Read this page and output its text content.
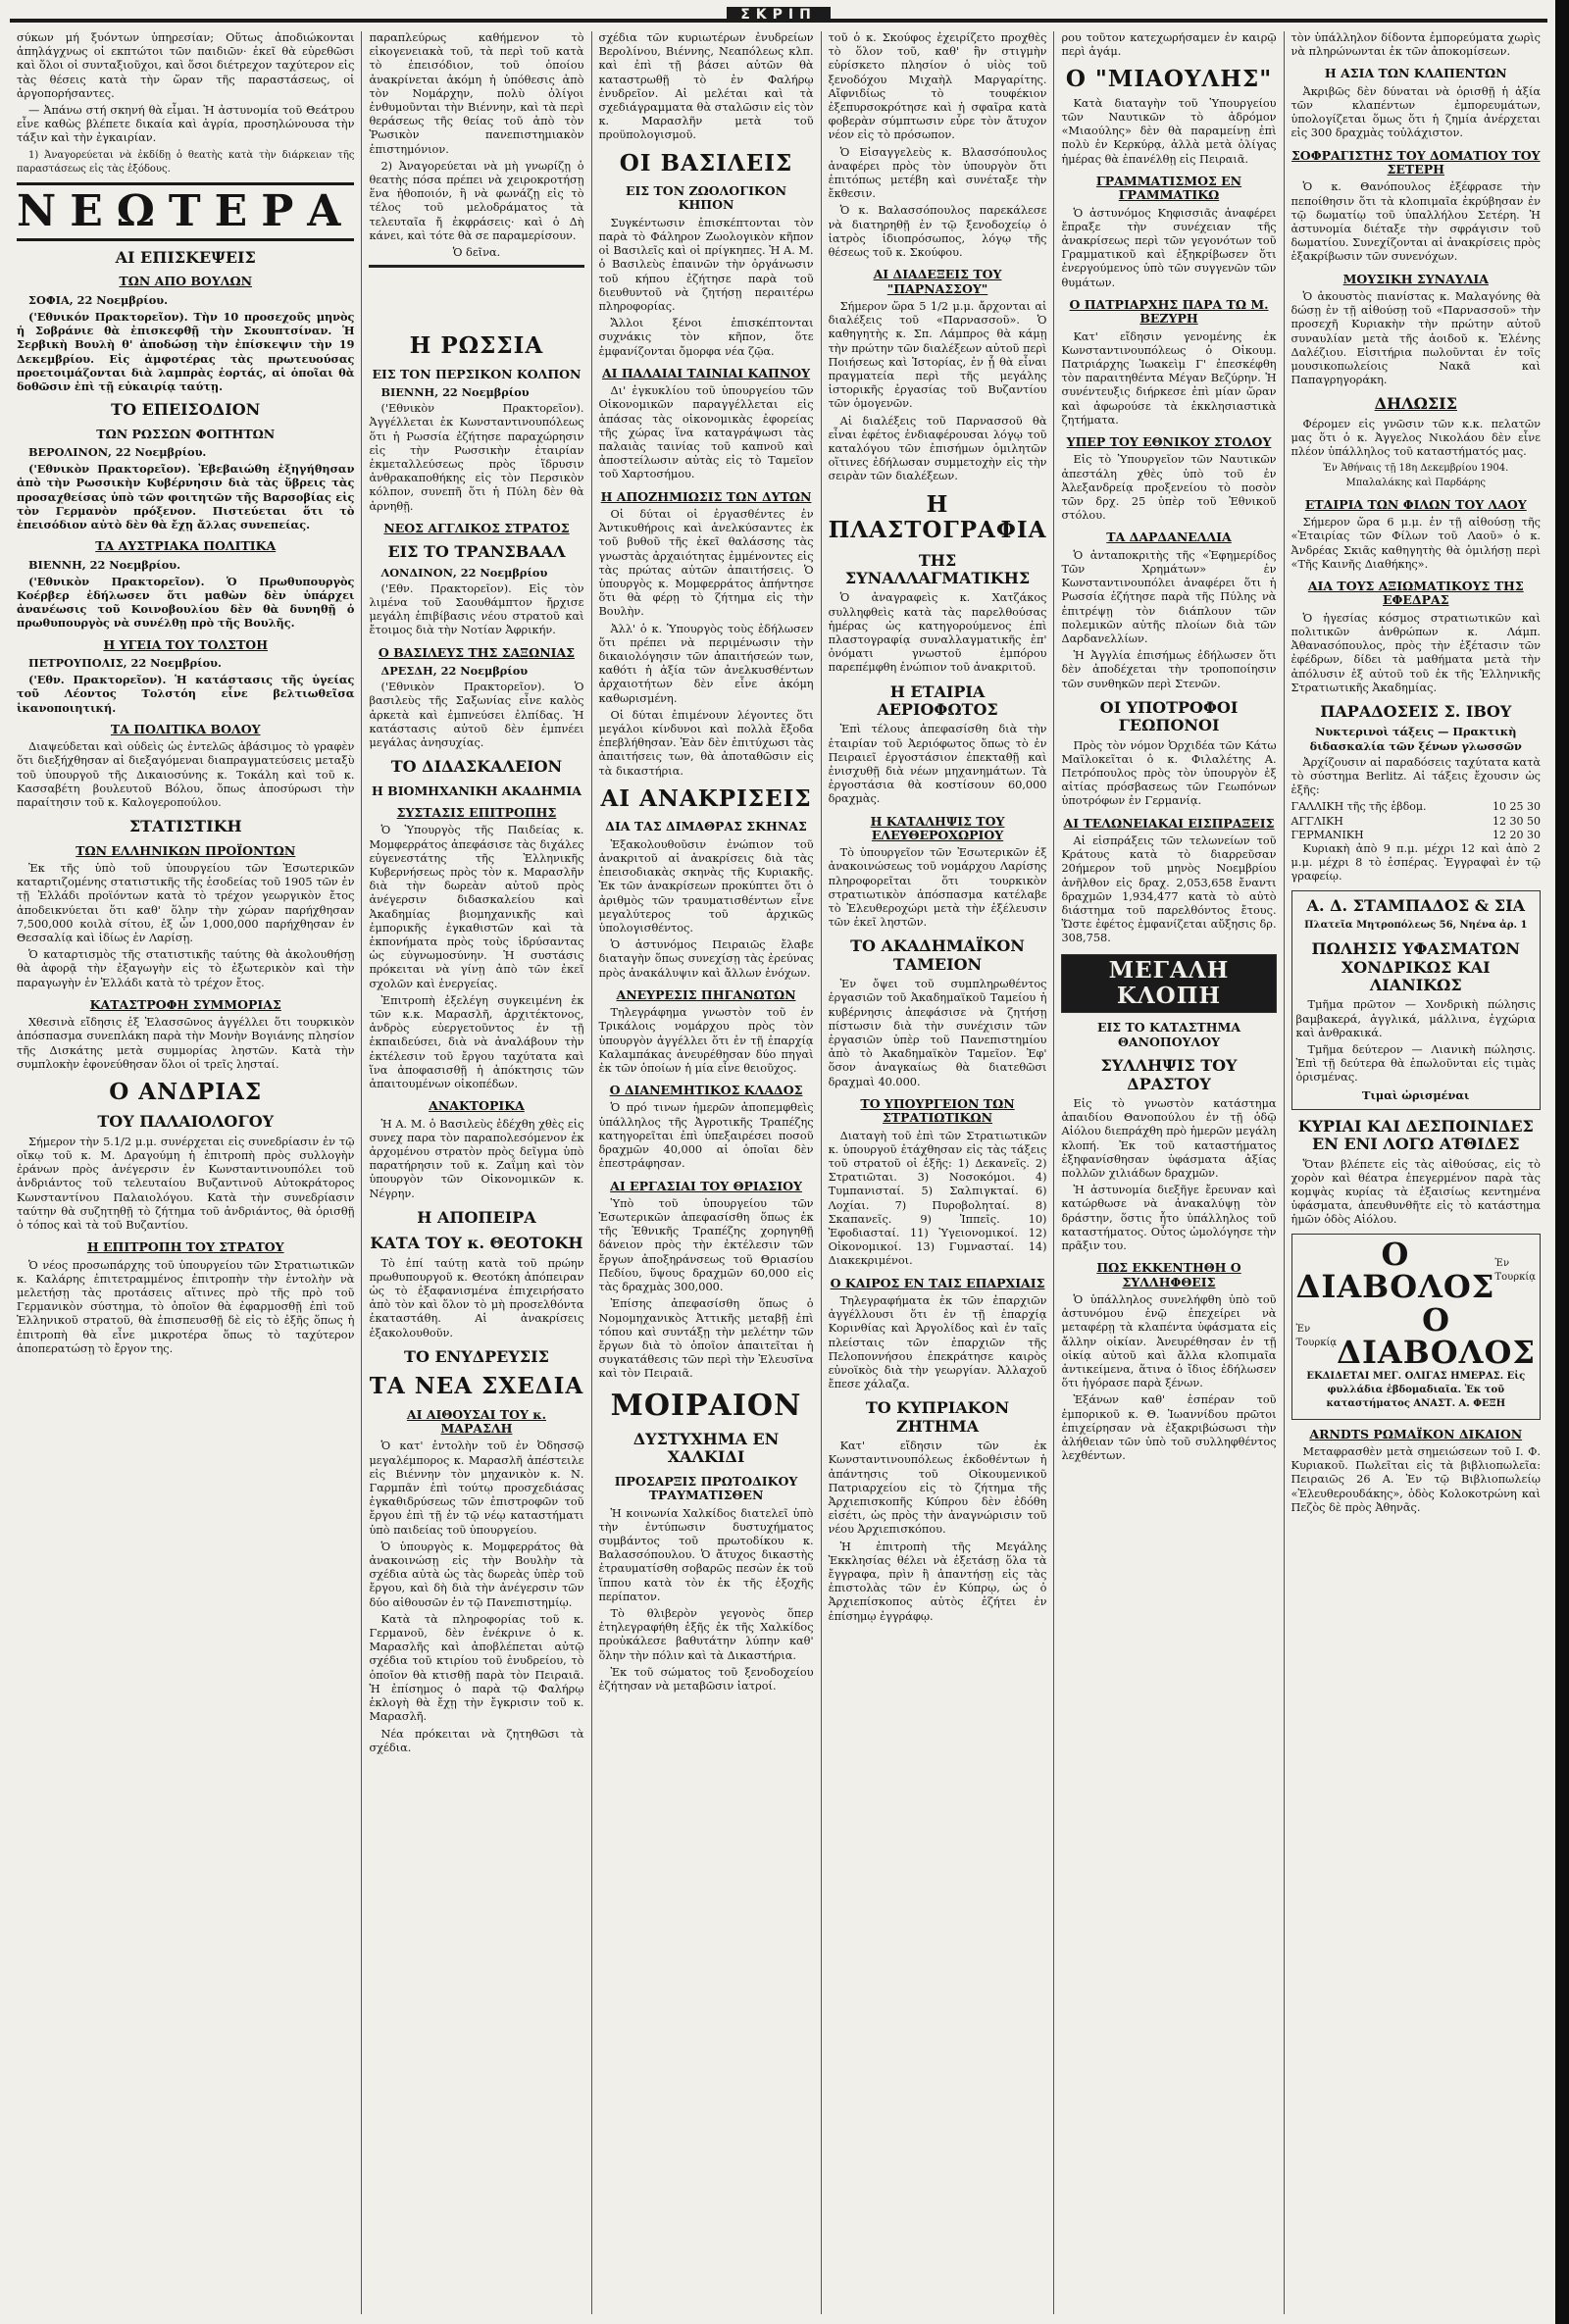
ΣΚΡΙΠ

σύκων μή ξυόντων ὑπηρεσίαν; Οὕτως ἀποδιώκονται ἀπηλάγχνως οἱ εκπτώτοι τῶν παιδιῶν· ἐκεῖ θὰ εὑρεθῶσι καὶ ὅλοι οἱ συνταξιοῦχοι, καὶ ὅσοι διέτρεχον ταχύτερον εἰς τὰς θέσεις κατὰ τὴν ὥραν τῆς παραστάσεως, οἱ ἀργοπορήσαντες.

— Ἀπάνω στή σκηνή θὰ εἶμαι. Ἡ ἀστυνομία τοῦ Θεάτρου εἶνε καθὼς βλέπετε δικαία καὶ ἀγρία, προσηλώνουσα τὴν τάξιν καὶ τὴν ἐγκαιρίαν.

1) Ἀναγορεύεται νὰ ἐκδίδῃ ὁ θεατὴς κατὰ τὴν διάρκειαν τῆς παραστάσεως εἰς τὰς ἐξόδους.

ΝΕΩΤΕΡΑ
ΑΙ ΕΠΙΣΚΕΨΕΙΣ
ΤΩΝ ΑΠΟ ΒΟΥΛΩΝ

ΣΟΦΙΑ, 22 Νοεμβρίου.

('Εθνικόν Πρακτορεῖον). Τὴν 10 προσεχοῦς μηνὸς ἡ Σοβράνιε θὰ ἐπισκεφθῇ τὴν Σκουπτσίναν. Ἡ Σερβικὴ Βουλὴ θ' ἀποδώσῃ τὴν ἐπίσκεψιν τὴν 19 Δεκεμβρίου. Εἰς ἀμφοτέρας τὰς πρωτευούσας προετοιμάζονται διὰ λαμπρὰς ἑορτάς, αἱ ὁποῖαι θὰ δοθῶσιν ἐπὶ τῇ εὐκαιρίᾳ ταύτῃ.

ΤΟ ΕΠΕΙΣΟΔΙΟΝ
ΤΩΝ ΡΩΣΣΩΝ ΦΟΙΤΗΤΩΝ

ΒΕΡΟΛΙΝΟΝ, 22 Νοεμβρίου.

('Εθνικὸν Πρακτορεῖον). Ἐβεβαιώθη ἐξηγήθησαν ἀπὸ τὴν Ρωσσικὴν Κυβέρνησιν διὰ τὰς ὕβρεις τὰς προσαχθείσας ὑπὸ τῶν φοιτητῶν τῆς Βαρσοβίας εἰς τὸν Γερμανὸν πρόξενον. Πιστεύεται ὅτι τὸ ἐπεισόδιον αὐτὸ δὲν θὰ ἔχῃ ἄλλας συνεπείας.

ΤΑ ΑΥΣΤΡΙΑΚΑ ΠΟΛΙΤΙΚΑ

ΒΙΕΝΝΗ, 22 Νοεμβρίου.

('Εθνικὸν Πρακτορεῖον). Ὁ Πρωθυπουργὸς Κοέρβερ ἐδήλωσεν ὅτι μαθὼν δὲν ὑπάρχει ἀνανέωσις τοῦ Κοινοβουλίου δὲν θὰ δυνηθῇ ὁ πρωθυπουργὸς νὰ συνέλθῃ πρὸ τῆς Βουλῆς.

Η ΥΓΕΙΑ ΤΟΥ ΤΟΛΣΤΟΗ

ΠΕΤΡΟΥΠΟΛΙΣ, 22 Νοεμβρίου.

('Εθν. Πρακτορεῖον). Ἡ κατάστασις τῆς ὑγείας τοῦ Λέοντος Τολστόη εἶνε βελτιωθεῖσα ἱκανοποιητική.

ΤΑ ΠΟΛΙΤΙΚΑ ΒΟΛΟΥ

Διαψεύδεται καὶ οὐδεὶς ὡς ἐντελῶς ἀβάσιμος τὸ γραφὲν ὅτι διεξήχθησαν αἱ διεξαγόμεναι διαπραγματεύσεις μεταξὺ τοῦ ὑπουργοῦ τῆς Δικαιοσύνης κ. Τοκάλη καὶ τοῦ κ. Κασσαβέτη βουλευτοῦ Βόλου, ὅπως ἀποσύρωσι τὴν παραίτησιν τοῦ κ. Καλογεροπούλου.

ΣΤΑΤΙΣΤΙΚΗ
ΤΩΝ ΕΛΛΗΝΙΚΩΝ ΠΡΟΪΟΝΤΩΝ

Ἐκ τῆς ὑπὸ τοῦ ὑπουργείου τῶν Ἐσωτερικῶν καταρτιζομένης στατιστικῆς τῆς ἐσοδείας τοῦ 1905 τῶν ἐν τῇ Ἑλλάδι προϊόντων κατὰ τὸ τρέχον γεωργικὸν ἔτος ἀποδεικνύεται ὅτι καθ' ὅλην τὴν χώραν παρήχθησαν 7,500,000 κοιλὰ σίτου, ἐξ ὧν 1,000,000 παρήχθησαν ἐν Θεσσαλίᾳ καὶ ἰδίως ἐν Λαρίσῃ.

Ὁ καταρτισμὸς τῆς στατιστικῆς ταύτης θὰ ἀκολουθήσῃ θὰ ἀφορᾷ τὴν ἐξαγωγὴν εἰς τὸ ἐξωτερικὸν καὶ τὴν παραγωγὴν ἐν Ἑλλάδι κατὰ τὸ τρέχον ἔτος.

ΚΑΤΑΣΤΡΟΦΗ ΣΥΜΜΟΡΙΑΣ

Χθεσινὰ εἴδησις ἐξ Ἐλασσῶνος ἀγγέλλει ὅτι τουρκικὸν ἀπόσπασμα συνεπλάκη παρὰ τὴν Μονὴν Βογιάνης πλησίον τῆς Δισκάτης μετὰ συμμορίας ληστῶν. Κατὰ τὴν συμπλοκὴν ἐφονεύθησαν ὅλοι οἱ τρεῖς λησταί.

Ο ΑΝΔΡΙΑΣ
ΤΟΥ ΠΑΛΑΙΟΛΟΓΟΥ

Σήμερον τὴν 5.1/2 μ.μ. συνέρχεται εἰς συνεδρίασιν ἐν τῷ οἴκῳ τοῦ κ. Μ. Δραγούμη ἡ ἐπιτροπὴ πρὸς συλλογὴν ἐράνων πρὸς ἀνέγερσιν ἐν Κωνσταντινουπόλει τοῦ ἀνδριάντος τοῦ τελευταίου Βυζαντινοῦ Αὐτοκράτορος Κωνσταντίνου Παλαιολόγου. Κατὰ τὴν συνεδρίασιν ταύτην θὰ συζητηθῇ τὸ ζήτημα τοῦ ἀνδριάντος, θὰ ὁρισθῇ ὁ τόπος καὶ τὰ τοῦ Βυζαντίου.

Η ΕΠΙΤΡΟΠΗ ΤΟΥ ΣΤΡΑΤΟΥ

Ὁ νέος προσωπάρχης τοῦ ὑπουργείου τῶν Στρατιωτικῶν κ. Καλάρης ἐπιτετραμμένος ἐπιτροπὴν τὴν ἐντολὴν νὰ μελετήσῃ τὰς προτάσεις αἵτινες πρὸ τῆς πρὸ τοῦ Γερμανικὸν σύστημα, τὸ ὁποῖον θὰ ἐφαρμοσθῇ ἐπὶ τοῦ Ἑλληνικοῦ στρατοῦ, θὰ ἐπισπευσθῇ δὲ εἰς τὸ ἐξῆς ὅπως ἡ ἐπιτροπὴ θὰ εἶνε μικροτέρα ὅπως τὸ ταχύτερον ἀποπερατώσῃ τὸ ἔργον της.

παραπλεύρως καθήμενον τὸ εἰκογενειακὰ τοῦ, τὰ περὶ τοῦ κατὰ τὸ ἐπεισόδιον, τοῦ ὁποίου ἀνακρίνεται ἀκόμη ἡ ὑπόθεσις ἀπὸ τὸν Νομάρχην, πολὺ ὀλίγοι ἐνθυμοῦνται τὴν Βιέννην, καὶ τὰ περὶ θεράσεως τῆς θείας τοῦ ἀπὸ τὸν Ῥωσικὸν πανεπιστημιακὸν ἐπιστημόνιον.

2) Ἀναγορεύεται νὰ μὴ γνωρίζῃ ὁ θεατὴς πόσα πρέπει νὰ χειροκροτήσῃ ἕνα ἠθοποιόν, ἢ νὰ φωνάζῃ εἰς τὸ τέλος τοῦ μελοδράματος τὰ τελευταῖα ἤ ἐκφράσεις· καὶ ὁ Δὴ κάνει, καὶ τότε θὰ σε παραμερίσουν.

Ὁ δεῖνα.

Η ΡΩΣΣΙΑ
ΕΙΣ ΤΟΝ ΠΕΡΣΙΚΟΝ ΚΟΛΠΟΝ

ΒΙΕΝΝΗ, 22 Νοεμβρίου

('Εθνικὸν Πρακτορεῖον). Ἀγγέλλεται ἐκ Κωνσταντινουπόλεως ὅτι ἡ Ρωσσία ἐζήτησε παραχώρησιν εἰς τὴν Ρωσσικὴν ἑταιρίαν ἐκμεταλλεύσεως πρὸς ἵδρυσιν ἀνθρακαποθήκης εἰς τὸν Περσικὸν κόλπον, συνεπῆ ὅτι ἡ Πύλη δὲν θὰ ἀρνηθῇ.

ΝΕΟΣ ΑΓΓΛΙΚΟΣ ΣΤΡΑΤΟΣ
ΕΙΣ ΤΟ ΤΡΑΝΣΒΑΑΛ

ΛΟΝΔΙΝΟΝ, 22 Νοεμβρίου

('Εθν. Πρακτορεῖον). Εἰς τὸν λιμένα τοῦ Σαουθάμπτον ἤρχισε μεγάλη ἐπιβίβασις νέου στρατοῦ καὶ ἔτοιμος διὰ τὴν Νοτίαν Ἀφρικήν.

Ο ΒΑΣΙΛΕΥΣ ΤΗΣ ΣΑΞΩΝΙΑΣ

ΔΡΕΣΔΗ, 22 Νοεμβρίου

('Εθνικὸν Πρακτορεῖον). Ὁ βασιλεὺς τῆς Σαξωνίας εἶνε καλὸς ἀρκετὰ καὶ ἐμπνεύσει ἐλπίδας. Ἡ κατάστασις αὐτοῦ δὲν ἐμπνέει μεγάλας ἀνησυχίας.

ΤΟ ΔΙΔΑΣΚΑΛΕΙΟΝ
Η ΒΙΟΜΗΧΑΝΙΚΗ ΑΚΑΔΗΜΙΑ
ΣΥΣΤΑΣΙΣ ΕΠΙΤΡΟΠΗΣ

Ὁ Ὑπουργὸς τῆς Παιδείας κ. Μομφερράτος ἀπεφάσισε τὰς διχάλες εὐγενεστάτης τῆς Ἑλληνικῆς Κυβερνήσεως πρὸς τὸν κ. Μαρασλῆν διὰ τὴν δωρεὰν αὐτοῦ πρὸς ἀνέγερσιν διδασκαλείου καὶ Ἀκαδημίας βιομηχανικῆς καὶ ἐμπορικῆς ἐγκαθιστῶν καὶ τὰ ἐκπονήματα πρὸς τοὺς ἰδρύσαντας ὡς εὐγνωμοσύνην. Ἡ συστάσις πρόκειται νὰ γίνῃ ἀπὸ τῶν ἐκεῖ σχολῶν καὶ ἐνεργείας.

Ἐπιτροπὴ ἐξελέγη συγκειμένη ἐκ τῶν κ.κ. Μαρασλῆ, ἀρχιτέκτονος, ἀνδρὸς εὐεργετοῦντος ἐν τῇ ἐκπαιδεύσει, διὰ νὰ ἀναλάβουν τὴν ἐκτέλεσιν τοῦ ἔργου ταχύτατα καὶ ἵνα ἀποφασισθῇ ἡ ἀπόκτησις τῶν ἀπαιτουμένων οἰκοπέδων.

ΑΝΑΚΤΟΡΙΚΑ

Ἡ Α. Μ. ὁ Βασιλεὺς ἐδέχθη χθὲς εἰς συνεχ παρα τὸν παραπολεσόμενον ἐκ ἀρχομένου στρατὸν πρὸς δεῖγμα ὑπὸ παρατήρησιν τοῦ κ. Ζαΐμη καὶ τὸν ὑπουργὸν τῶν Οἰκονομικῶν κ. Νέγρην.

Η ΑΠΟΠΕΙΡΑ
ΚΑΤΑ ΤΟΥ κ. ΘΕΟΤΟΚΗ

Τὸ ἐπί ταύτῃ κατὰ τοῦ πρώην πρωθυπουργοῦ κ. Θεοτόκη ἀπόπειραν ὡς τὸ ἐξαφανισμένα ἐπιχειρήσατο ἀπὸ τὸν καὶ ὅλον τὸ μὴ προσελθόντα ἐκαταστάθη. Αἱ ἀνακρίσεις ἐξακολουθοῦν.

ΤΟ ΕΝΥΔΡΕΥΣΙΣ
ΤΑ ΝΕΑ ΣΧΕΔΙΑ
ΑΙ ΑΙΘΟΥΣΑΙ ΤΟΥ κ. ΜΑΡΑΣΛΗ

Ὁ κατ' ἐντολὴν τοῦ ἐν Ὀδησσῷ μεγαλέμπορος κ. Μαρασλῆ ἀπέστειλε εἰς Βιέννην τὸν μηχανικὸν κ. Ν. Γαρμπᾶν ἐπὶ τούτῳ προσχεδιάσας ἐγκαθιδρύσεως τῶν ἐπιστροφῶν τοῦ ἔργου ἐπὶ τῇ ἐν τῷ νέῳ καταστήματι ὑπὸ παιδείας τοῦ ὑπουργείου.

Ὁ ὑπουργὸς κ. Μομφερράτος θὰ ἀνακοινώσῃ εἰς τὴν Βουλὴν τὰ σχέδια αὐτὰ ὡς τὰς δωρεὰς ὑπὲρ τοῦ ἔργου, καὶ δὴ διὰ τὴν ἀνέγερσιν τῶν δύο αἰθουσῶν ἐν τῷ Πανεπιστημίῳ.

Κατὰ τὰ πληροφορίας τοῦ κ. Γερμανοῦ, δὲν ἐνέκρινε ὁ κ. Μαρασλῆς καὶ ἀποβλέπεται αὐτῷ σχέδια τοῦ κτιρίου τοῦ ἐνυδρείου, τὸ ὁποῖον θὰ κτισθῇ παρὰ τὸν Πειραιᾶ. Ἡ ἐπίσημος ὁ παρὰ τῷ Φαλήρῳ ἐκλογὴ θὰ ἔχῃ τὴν ἔγκρισιν τοῦ κ. Μαρασλῆ.

Νέα πρόκειται νὰ ζητηθῶσι τὰ σχέδια.

σχέδια τῶν κυριωτέρων ἐνυδρείων Βερολίνου, Βιέννης, Νεαπόλεως κλπ. καὶ ἐπὶ τῇ βάσει αὐτῶν θὰ καταστρωθῇ τὸ ἐν Φαλήρῳ ἐνυδρεῖον. Αἱ μελέται καὶ τὰ σχεδιάγραμματα θὰ σταλῶσιν εἰς τὸν κ. Μαρασλῆν μετὰ τοῦ προϋπολογισμοῦ.

ΟΙ ΒΑΣΙΛΕΙΣ
ΕΙΣ ΤΟΝ ΖΩΟΛΟΓΙΚΟΝ ΚΗΠΟΝ

Συγκέντωσιν ἐπισκέπτονται τὸν παρὰ τὸ Φάληρον Ζωολογικὸν κῆπον οἱ Βασιλεῖς καὶ οἱ πρίγκηπες. Ἡ Α. Μ. ὁ Βασιλεὺς ἐπαινῶν τὴν ὀργάνωσιν τοῦ κήπου ἐζήτησε παρὰ τοῦ διευθυντοῦ νὰ ζητήσῃ περαιτέρω πληροφορίας.

Ἄλλοι ξένοι ἐπισκέπτονται συχνάκις τὸν κῆπον, ὅτε ἐμφανίζονται ὄμορφα νέα ζῷα.

ΑΙ ΠΑΛΑΙΑΙ ΤΑΙΝΙΑΙ ΚΑΠΝΟΥ

Δι' ἐγκυκλίου τοῦ ὑπουργείου τῶν Οἰκονομικῶν παραγγέλλεται εἰς ἁπάσας τὰς οἰκονομικὰς ἐφορείας τῆς χώρας ἵνα καταγράψωσι τὰς παλαιὰς ταινίας τοῦ καπνοῦ καὶ ἀποστείλωσιν αὐτὰς εἰς τὸ Ταμεῖον τοῦ Χαρτοσήμου.

Η ΑΠΟΖΗΜΙΩΣΙΣ ΤΩΝ ΔΥΤΩΝ

Οἱ δύται οἱ ἐργασθέντες ἐν Ἀντικυθήροις καὶ ἀνελκύσαντες ἐκ τοῦ βυθοῦ τῆς ἐκεῖ θαλάσσης τὰς γνωστὰς ἀρχαιότητας ἐμμένοντες εἰς τὰς πρώτας αὐτῶν ἀπαιτήσεις. Ὁ ὑπουργὸς κ. Μομφερράτος ἀπήντησε ὅτι θὰ φέρῃ τὸ ζήτημα εἰς τὴν Βουλὴν.

Ἀλλ' ὁ κ. Ὑπουργὸς τοὺς ἐδήλωσεν ὅτι πρέπει νὰ περιμένωσιν τὴν δικαιολόγησιν τῶν ἀπαιτήσεών των, καθότι ἡ ἀξία τῶν ἀνελκυσθέντων ἀρχαιοτήτων δὲν εἶνε ἀκόμη καθωρισμένη.

Οἱ δύται ἐπιμένουν λέγοντες ὅτι μεγάλοι κίνδυνοι καὶ πολλὰ ἔξοδα ἐπεβλήθησαν. Ἐὰν δὲν ἐπιτύχωσι τὰς ἀπαιτήσεις των, θὰ ἀποταθῶσιν εἰς τὰ δικαστήρια.

ΑΙ ΑΝΑΚΡΙΣΕΙΣ
ΔΙΑ ΤΑΣ ΔΙΜΑΘΡΑΣ ΣΚΗΝΑΣ

Ἐξακολουθοῦσιν ἐνώπιον τοῦ ἀνακριτοῦ αἱ ἀνακρίσεις διὰ τὰς ἐπεισοδιακὰς σκηνὰς τῆς Κυριακῆς. Ἐκ τῶν ἀνακρίσεων προκύπτει ὅτι ὁ ἀριθμὸς τῶν τραυματισθέντων εἶνε μεγαλύτερος τοῦ ἀρχικῶς ὑπολογισθέντος.

Ὁ ἀστυνόμος Πειραιῶς ἔλαβε διαταγὴν ὅπως συνεχίσῃ τὰς ἐρεύνας πρὸς ἀνακάλυψιν καὶ ἄλλων ἐνόχων.

ΑΝΕΥΡΕΣΙΣ ΠΗΓΑΝΩΤΩΝ

Τηλεγράφημα γνωστὸν τοῦ ἐν Τρικάλοις νομάρχου πρὸς τὸν ὑπουργὸν ἀγγέλλει ὅτι ἐν τῇ ἐπαρχίᾳ Καλαμπάκας ἀνευρέθησαν δύο πηγαὶ ἐκ τῶν ὁποίων ἡ μία εἶνε θειοῦχος.

Ο ΔΙΑΝΕΜΗΤΙΚΟΣ ΚΛΑΔΟΣ

Ὁ πρό τινων ἡμερῶν ἀποπεμφθεὶς ὑπάλληλος τῆς Ἀγροτικῆς Τραπέζης κατηγορεῖται ἐπὶ ὑπεξαιρέσει ποσοῦ δραχμῶν 40,000 αἱ ὁποῖαι δὲν ἐπεστράφησαν.

ΑΙ ΕΡΓΑΣΙΑΙ ΤΟΥ ΘΡΙΑΣΙΟΥ

Ὑπὸ τοῦ ὑπουργείου τῶν Ἐσωτερικῶν ἀπεφασίσθη ὅπως ἐκ τῆς Ἐθνικῆς Τραπέζης χορηγηθῇ δάνειον πρὸς τὴν ἐκτέλεσιν τῶν ἔργων ἀποξηράνσεως τοῦ Θριασίου Πεδίου, ὕψους δραχμῶν 60,000 εἰς τὰς δραχμὰς 300,000.

Ἐπίσης ἀπεφασίσθη ὅπως ὁ Νομομηχανικὸς Ἀττικῆς μεταβῇ ἐπὶ τόπου καὶ συντάξῃ τὴν μελέτην τῶν ἔργων διὰ τὸ ὁποῖον ἀπαιτεῖται ἡ συγκατάθεσις τῶν περὶ τὴν Ἐλευσῖνα καὶ τὸν Πειραιᾶ.

ΜΟΙΡΑΙΟΝ
ΔΥΣΤΥΧΗΜΑ ΕΝ ΧΑΛΚΙΔΙ
ΠΡΟΣΑΡΞΙΣ ΠΡΩΤΟΔΙΚΟΥ ΤΡΑΥΜΑΤΙΣΘΕΝ

Ἡ κοινωνία Χαλκίδος διατελεῖ ὑπὸ τὴν ἐντύπωσιν δυστυχήματος συμβάντος τοῦ πρωτοδίκου κ. Βαλασσόπουλου. Ὁ ἄτυχος δικαστὴς ἐτραυματίσθη σοβαρῶς πεσὼν ἐκ τοῦ ἵππου κατὰ τὸν ἐκ τῆς ἐξοχῆς περίπατον.

Τὸ θλιβερὸν γεγονὸς ὅπερ ἐτηλεγραφήθη ἐξῆς ἐκ τῆς Χαλκίδος προὐκάλεσε βαθυτάτην λύπην καθ' ὅλην τὴν πόλιν καὶ τὰ Δικαστήρια.

Ἐκ τοῦ σώματος τοῦ ξενοδοχείου ἐζήτησαν νὰ μεταβῶσιν ἰατροί.

τοῦ ὁ κ. Σκούφος ἐχειρίζετο προχθὲς τὸ ὅλον τοῦ, καθ' ἣν στιγμὴν εὑρίσκετο πλησίον ὁ υἱὸς τοῦ ξενοδόχου Μιχαὴλ Μαργαρίτης. Αἴφνιδίως τὸ τουφέκιον ἐξεπυρσοκρότησε καὶ ἡ σφαῖρα κατὰ φοβερὰν σύμπτωσιν εὗρε τὸν ἄτυχον νέον εἰς τὸ πρόσωπον.

Ὁ Εἰσαγγελεὺς κ. Βλασσόπουλος ἀναφέρει πρὸς τὸν ὑπουργὸν ὅτι ἐπιτόπως μετέβη καὶ συνέταξε τὴν ἔκθεσιν.

Ὁ κ. Βαλασσόπουλος παρεκάλεσε νὰ διατηρηθῇ ἐν τῷ ξενοδοχείῳ ὁ ἰατρὸς ἰδιοπρόσωπος, λόγῳ τῆς θέσεως τοῦ κ. Σκούφου.

ΑΙ ΔΙΑΔΕΞΕΙΣ ΤΟΥ "ΠΑΡΝΑΣΣΟΥ"

Σήμερον ὥρα 5 1/2 μ.μ. ἄρχονται αἱ διαλέξεις τοῦ «Παρνασσοῦ». Ὁ καθηγητὴς κ. Σπ. Λάμπρος θὰ κάμῃ τὴν πρώτην τῶν διαλέξεων αὐτοῦ περὶ Ποιήσεως καὶ Ἱστορίας, ἐν ᾗ θὰ εἶναι πραγματεία περὶ τῆς μεγάλης ἱστορικῆς ἐργασίας τοῦ Βυζαντίου τῶν ὁμογενῶν.

Αἱ διαλέξεις τοῦ Παρνασσοῦ θὰ εἶναι ἐφέτος ἐνδιαφέρουσαι λόγῳ τοῦ καταλόγου τῶν ἐπισήμων ὁμιλητῶν οἵτινες ἐδήλωσαν συμμετοχὴν εἰς τὴν σειρὰν τῶν διαλέξεων.

Η ΠΛΑΣΤΟΓΡΑΦΙΑ
ΤΗΣ ΣΥΝΑΛΛΑΓΜΑΤΙΚΗΣ

Ὁ ἀναγραφεὶς κ. Χατζάκος συλληφθεὶς κατὰ τὰς παρελθούσας ἡμέρας ὡς κατηγορούμενος ἐπὶ πλαστογραφίᾳ συναλλαγματικῆς ἐπ' ὀνόματι γνωστοῦ ἐμπόρου παρεπέμφθη ἐνώπιον τοῦ ἀνακριτοῦ.

Η ΕΤΑΙΡΙΑ ΑΕΡΙΟΦΩΤΟΣ

Ἐπὶ τέλους ἀπεφασίσθη διὰ τὴν ἐταιρίαν τοῦ Ἀεριόφωτος ὅπως τὸ ἐν Πειραιεῖ ἐργοστάσιον ἐπεκταθῇ καὶ ἐνισχυθῇ διὰ νέων μηχανημάτων. Τὰ ἐργοστάσια θὰ κοστίσουν 60,000 δραχμὰς.

Η ΚΑΤΑΛΗΨΙΣ ΤΟΥ ΕΛΕΥΘΕΡΟΧΩΡΙΟΥ

Τὸ ὑπουργεῖον τῶν Ἐσωτερικῶν ἐξ ἀνακοινώσεως τοῦ νομάρχου Λαρίσης πληροφορεῖται ὅτι τουρκικὸν στρατιωτικὸν ἀπόσπασμα κατέλαβε τὸ Ἐλευθεροχώρι μετὰ τὴν ἐξέλευσιν τῶν ἐκεῖ ληστῶν.

ΤΟ ΑΚΑΔΗΜΑΪΚΟΝ ΤΑΜΕΙΟΝ

Ἐν ὄψει τοῦ συμπληρωθέντος ἐργασιῶν τοῦ Ἀκαδημαϊκοῦ Ταμείου ἡ κυβέρνησις ἀπεφάσισε νὰ ζητήσῃ πίστωσιν διὰ τὴν συνέχισιν τῶν ἐργασιῶν ὑπὲρ τοῦ Πανεπιστημίου ἀπὸ τὸ Ἀκαδημαϊκὸν Ταμεῖον. Ἐφ' ὅσον ἀναγκαίως θὰ διατεθῶσι δραχμαὶ 40.000.

ΤΟ ΥΠΟΥΡΓΕΙΟΝ ΤΩΝ ΣΤΡΑΤΙΩΤΙΚΩΝ

Διαταγὴ τοῦ ἐπὶ τῶν Στρατιωτικῶν κ. ὑπουργοῦ ἐτάχθησαν εἰς τὰς τάξεις τοῦ στρατοῦ οἱ ἑξῆς: 1) Δεκανεῖς. 2) Στρατιῶται. 3) Νοσοκόμοι. 4) Τυμπανισταί. 5) Σαλπιγκταί. 6) Λοχίαι. 7) Πυροβοληταί. 8) Σκαπανεῖς. 9) Ἱππεῖς. 10) Ἐφοδιασταί. 11) Ὑγειονομικοί. 12) Οἰκονομικοί. 13) Γυμνασταί. 14) Διακεκριμένοι.

Ο ΚΑΙΡΟΣ ΕΝ ΤΑΙΣ ΕΠΑΡΧΙΑΙΣ

Τηλεγραφήματα ἐκ τῶν ἐπαρχιῶν ἀγγέλλουσι ὅτι ἐν τῇ ἐπαρχίᾳ Κορινθίας καὶ Ἀργολίδος καὶ ἐν ταῖς πλείσταις τῶν ἐπαρχιῶν τῆς Πελοποννήσου ἐπεκράτησε καιρὸς εὐνοϊκὸς διὰ τὴν γεωργίαν. Ἀλλαχοῦ ἔπεσε χάλαζα.

ΤΟ ΚΥΠΡΙΑΚΟΝ ΖΗΤΗΜΑ

Κατ' εἴδησιν τῶν ἐκ Κωνσταντινουπόλεως ἐκδοθέντων ἡ ἀπάντησις τοῦ Οἰκουμενικοῦ Πατριαρχείου εἰς τὸ ζήτημα τῆς Ἀρχιεπισκοπῆς Κύπρου δὲν ἐδόθη εἰσέτι, ὡς πρὸς τὴν ἀναγνώρισιν τοῦ νέου Ἀρχιεπισκόπου.

Ἡ ἐπιτροπὴ τῆς Μεγάλης Ἐκκλησίας θέλει νὰ ἐξετάσῃ ὅλα τὰ ἔγγραφα, πρὶν ἢ ἀπαντήσῃ εἰς τὰς ἐπιστολὰς τῶν ἐν Κύπρῳ, ὡς ὁ Ἀρχιεπίσκοπος αὐτὸς ἐζήτει ἐν ἐπίσημῳ ἐγγράφῳ.

ρου τοῦτον κατεχωρήσαμεν ἐν καιρῷ περὶ ἀγάμ.

Ο "ΜΙΑΟΥΛΗΣ"

Κατὰ διαταγὴν τοῦ Ὑπουργείου τῶν Ναυτικῶν τὸ ἀδρόμον «Μιαούλης» δὲν θὰ παραμείνῃ ἐπὶ πολὺ ἐν Κερκύρᾳ, ἀλλὰ μετὰ ὀλίγας ἡμέρας θὰ ἐπανέλθῃ εἰς Πειραιᾶ.

ΓΡΑΜΜΑΤΙΣΜΟΣ ΕΝ ΓΡΑΜΜΑΤΙΚΩ

Ὁ ἀστυνόμος Κηφισσιᾶς ἀναφέρει ἔπραξε τὴν συνέχειαν τῆς ἀνακρίσεως περὶ τῶν γεγονότων τοῦ Γραμματικοῦ καὶ ἐξηκρίβωσεν ὅτι ἐνεργούμενος ὑπὸ τῶν συγγενῶν τῶν θυμάτων.

Ο ΠΑΤΡΙΑΡΧΗΣ ΠΑΡΑ ΤΩ Μ. ΒΕΖΥΡΗ

Κατ' εἴδησιν γενομένης ἐκ Κωνσταντινουπόλεως ὁ Οἰκουμ. Πατριάρχης Ἰωακεὶμ Γ' ἐπεσκέφθη τὸν παραιτηθέντα Μέγαν Βεζύρην. Ἡ συνέντευξις διήρκεσε ἐπὶ μίαν ὥραν καὶ ἀφωρούσε τὰ ἐκκλησιαστικὰ ζητήματα.

ΥΠΕΡ ΤΟΥ ΕΘΝΙΚΟΥ ΣΤΟΛΟΥ

Εἰς τὸ Ὑπουργεῖον τῶν Ναυτικῶν ἀπεστάλη χθὲς ὑπὸ τοῦ ἐν Ἀλεξανδρείᾳ προξενείου τὸ ποσὸν τῶν δρχ. 25 ὑπὲρ τοῦ Ἐθνικοῦ στόλου.

ΤΑ ΔΑΡΔΑΝΕΛΛΙΑ

Ὁ ἀνταποκριτὴς τῆς «Ἐφημερίδος Τῶν Χρημάτων» ἐν Κωνσταντινουπόλει ἀναφέρει ὅτι ἡ Ρωσσία ἐζήτησε παρὰ τῆς Πύλης νὰ ἐπιτρέψῃ τὸν διάπλουν τῶν πολεμικῶν αὐτῆς πλοίων διὰ τῶν Δαρδανελλίων.

Ἡ Ἀγγλία ἐπισήμως ἐδήλωσεν ὅτι δὲν ἀποδέχεται τὴν τροποποίησιν τῶν συνθηκῶν περὶ Στενῶν.

ΟΙ ΥΠΟΤΡΟΦΟΙ ΓΕΩΠΟΝΟΙ

Πρὸς τὸν νόμον Ὀρχιδέα τῶν Κάτω Μαϊλοκεῖται ὁ κ. Φιλαλέτης Α. Πετρόπουλος πρὸς τὸν ὑπουργὸν ἐξ αἰτίας πρόσβασεως τῶν Γεωπόνων ὑποτρόφων ἐν Γερμανίᾳ.

ΑΙ ΤΕΛΩΝΕΙΑΚΑΙ ΕΙΣΠΡΑΞΕΙΣ

Αἱ εἰσπράξεις τῶν τελωνείων τοῦ Κράτους κατὰ τὸ διαρρεῦσαν 20ήμερον τοῦ μηνὸς Νοεμβρίου ἀνῆλθον εἰς δραχ. 2,053,658 ἔναντι δραχμῶν 1,934,477 κατὰ τὸ αὐτὸ διάστημα τοῦ παρελθόντος ἔτους. Ὥστε ἐφέτος ἐμφανίζεται αὔξησις δρ. 308,758.

ΜΕΓΑΛΗ ΚΛΟΠΗ
ΕΙΣ ΤΟ ΚΑΤΑΣΤΗΜΑ ΘΑΝΟΠΟΥΛΟΥ
ΣΥΛΛΗΨΙΣ ΤΟΥ ΔΡΑΣΤΟΥ

Εἰς τὸ γνωστὸν κατάστημα ἀπαιδίου Θανοπούλου ἐν τῇ ὁδῷ Αἰόλου διεπράχθη πρὸ ἡμερῶν μεγάλη κλοπή. Ἐκ τοῦ καταστήματος ἐξηφανίσθησαν ὑφάσματα ἀξίας πολλῶν χιλιάδων δραχμῶν.

Ἡ ἀστυνομία διεξῆγε ἔρευναν καὶ κατώρθωσε νὰ ἀνακαλύψῃ τὸν δράστην, ὅστις ἦτο ὑπάλληλος τοῦ καταστήματος. Οὗτος ὡμολόγησε τὴν πρᾶξιν του.

ΠΩΣ ΕΚΚΕΝΤΗΘΗ Ο ΣΥΛΛΗΦΘΕΙΣ

Ὁ ὑπάλληλος συνελήφθη ὑπὸ τοῦ ἀστυνόμου ἐνῷ ἐπεχείρει νὰ μεταφέρῃ τὰ κλαπέντα ὑφάσματα εἰς ἄλλην οἰκίαν. Ἀνευρέθησαν ἐν τῇ οἰκίᾳ αὐτοῦ καὶ ἄλλα κλοπιμαῖα ἀντικείμενα, ἅτινα ὁ ἴδιος ἐδήλωσεν ὅτι ἠγόρασε παρὰ ξένων.

Ἐξάνων καθ' ἑσπέραν τοῦ ἐμπορικοῦ κ. Θ. Ἰωαννίδου πρῶτοι ἐπιχείρησαν νὰ ἐξακριβώσωσι τὴν ἀλήθειαν τῶν ὑπὸ τοῦ συλληφθέντος λεχθέντων.

τὸν ὑπάλληλον δίδοντα ἐμπορεύματα χωρὶς νὰ πληρώνωνται ἐκ τῶν ἀποκομίσεων.

Η ΑΣΙΑ ΤΩΝ ΚΛΑΠΕΝΤΩΝ

Ἀκριβῶς δὲν δύναται νὰ ὁρισθῇ ἡ ἀξία τῶν κλαπέντων ἐμπορευμάτων, ὑπολογίζεται ὅμως ὅτι ἡ ζημία ἀνέρχεται εἰς 300 δραχμὰς τοὐλάχιστον.

ΣΟΦΡΑΓΙΣΤΗΣ ΤΟΥ ΔΟΜΑΤΙΟΥ ΤΟΥ ΣΕΤΕΡΗ

Ὁ κ. Θανόπουλος ἐξέφρασε τὴν πεποίθησιν ὅτι τὰ κλοπιμαῖα ἐκρύβησαν ἐν τῷ δωματίῳ τοῦ ὑπαλλήλου Σετέρη. Ἡ ἀστυνομία διέταξε τὴν σφράγισιν τοῦ δωματίου. Συνεχίζονται αἱ ἀνακρίσεις πρὸς ἐξακρίβωσιν τῶν συνενόχων.

ΜΟΥΣΙΚΗ ΣΥΝΑΥΛΙΑ

Ὁ ἀκουστὸς πιανίστας κ. Μαλαγόνης θὰ δώσῃ ἐν τῇ αἰθούσῃ τοῦ «Παρνασσοῦ» τὴν προσεχῆ Κυριακὴν τὴν πρώτην αὐτοῦ συναυλίαν μετὰ τῆς ἀοιδοῦ κ. Ἑλένης Δαλέζιου. Εἰσιτήρια πωλοῦνται ἐν τοῖς μουσικοπωλείοις Νακᾶ καὶ Παπαγρηγοράκη.

ΔΗΛΩΣΙΣ

Φέρομεν εἰς γνῶσιν τῶν κ.κ. πελατῶν μας ὅτι ὁ κ. Ἀγγελος Νικολάου δὲν εἶνε πλέον ὑπάλληλος τοῦ καταστήματός μας.

Ἐν Ἀθήναις τῇ 18η Δεκεμβρίου 1904. Μπαλαλάκης καὶ Παρδάρης

ΕΤΑΙΡΙΑ ΤΩΝ ΦΙΛΩΝ ΤΟΥ ΛΑΟΥ

Σήμερον ὥρα 6 μ.μ. ἐν τῇ αἰθούσῃ τῆς «Ἑταιρίας τῶν Φίλων τοῦ Λαοῦ» ὁ κ. Ἀνδρέας Σκιᾶς καθηγητὴς θὰ ὁμιλήσῃ περὶ «Τῆς Καινῆς Διαθήκης».

ΑΙΑ ΤΟΥΣ ΑΞΙΩΜΑΤΙΚΟΥΣ ΤΗΣ ΕΦΕΔΡΑΣ

Ὁ ἡγεσίας κόσμος στρατιωτικῶν καὶ πολιτικῶν ἀνθρώπων κ. Λάμπ. Ἀθανασόπουλος, πρὸς τὴν ἐξέτασιν τῶν ἐφέδρων, δίδει τὰ μαθήματα μετὰ τὴν ἀπόλυσιν ἐξ αὐτοῦ τοῦ ἐκ τῆς Ἑλληνικῆς Στρατιωτικῆς Ἀκαδημίας.

ΠΑΡΑΔΟΣΕΙΣ Σ. ΙΒΟΥ

Νυκτερινοὶ τάξεις — Πρακτικὴ διδασκαλία τῶν ξένων γλωσσῶν

Ἀρχίζουσιν αἱ παραδόσεις ταχύτατα κατὰ τὸ σύστημα Berlitz. Αἱ τάξεις ἔχουσιν ὡς ἑξῆς:

ΓΑΛΛΙΚΗ τῆς τῆς ἑβδομ.	10 25 30
ΑΓΓΛΙΚΗ	12 30 50
ΓΕΡΜΑΝΙΚΗ	12 20 30

Κυριακὴ ἀπὸ 9 π.μ. μέχρι 12 καὶ ἀπὸ 2 μ.μ. μέχρι 8 τὸ ἑσπέρας. Ἐγγραφαὶ ἐν τῷ γραφείῳ.

Α. Δ. ΣΤΑΜΠΑΔΟΣ & ΣΙΑ

Πλατεῖα Μητροπόλεως 56, Νηένα ἀρ. 1

ΠΩΛΗΣΙΣ ΥΦΑΣΜΑΤΩΝ ΧΟΝΔΡΙΚΩΣ ΚΑΙ ΛΙΑΝΙΚΩΣ

Τμῆμα πρῶτον — Χονδρικὴ πώλησις βαμβακερά, ἀγγλικά, μάλλινα, ἐγχώρια καὶ ἀνθρακικά.

Τμῆμα δεύτερον — Λιανικὴ πώλησις. Ἐπὶ τῇ δεύτερα θὰ ἐπωλοῦνται εἰς τιμὰς ὀρισμένας.

Τιμαὶ ὡρισμέναι

ΚΥΡΙΑΙ ΚΑΙ ΔΕΣΠΟΙΝΙΔΕΣ ΕΝ ΕΝΙ ΛΟΓΩ ΑΤΘΙΔΕΣ

Ὅταν βλέπετε εἰς τὰς αἰθούσας, εἰς τὸ χορὸν καὶ θέατρα ἐπεγερμένον παρὰ τὰς κομψὰς κυρίας τὰ ἐξαισίως κεντημένα ὑφάσματα, ἀπευθυνθῆτε εἰς τὸ κατάστημα ἡμῶν ὁδὸς Αἰόλου.

Ο ΔΙΑΒΟΛΟΣ
Ἐν Τουρκίᾳ
Ἐν Τουρκίᾳ
Ο ΔΙΑΒΟΛΟΣ

ΕΚΔΙΔΕΤΑΙ ΜΕΓ. ΟΛΙΓΑΣ ΗΜΕΡΑΣ. Εἰς φυλλάδια ἑβδομαδιαῖα. Ἐκ τοῦ καταστήματος ΑΝΑΣΤ. Α. ΦΕΞΗ

ARNDTS ΡΩΜΑΪΚΟΝ ΔΙΚΑΙΟΝ

Μεταφρασθὲν μετὰ σημειώσεων τοῦ Ι. Φ. Κυριακοῦ. Πωλεῖται εἰς τὰ βιβλιοπωλεῖα: Πειραιῶς 26 Α. Ἐν τῷ Βιβλιοπωλείῳ «Ἑλευθερουδάκης», ὁδὸς Κολοκοτρώνη καὶ Πεζὸς δὲ πρὸς Ἀθηνᾶς.
